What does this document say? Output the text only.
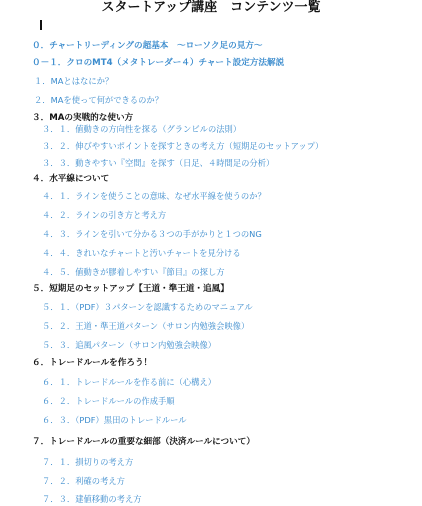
スタートアップ講座　コンテンツ一覧
０．チャートリーディングの超基本　〜ローソク足の見方〜
０－１．クロのMT4（メタトレーダー４）チャート設定方法解説
１．MAとはなにか？
２．MAを使って何ができるのか？
３．MAの実戦的な使い方
３．１．値動きの方向性を探る（グランビルの法則）
３．２．伸びやすいポイントを探すときの考え方（短期足のセットアップ）
３．３．動きやすい『空間』を探す（日足、４時間足の分析）
４．水平線について
４．１．ラインを使うことの意味、なぜ水平線を使うのか？
４．２．ラインの引き方と考え方
４．３．ラインを引いて分かる３つの手がかりと１つのNG
４．４．きれいなチャートと汚いチャートを見分ける
４．５．値動きが膠着しやすい『節目』の探し方
５．短期足のセットアップ【王道・準王道・追風】
５．１．（PDF）３パターンを認識するためのマニュアル
５．２．王道・準王道パターン（サロン内勉強会映像）
５．３．追風パターン（サロン内勉強会映像）
６．トレードルールを作ろう！
６．１．トレードルールを作る前に（心構え）
６．２．トレードルールの作成手順
６．３．（PDF）黒田のトレードルール
７．トレードルールの重要な細部（決済ルールについて）
７．１．損切りの考え方
７．２．利確の考え方
７．３．建値移動の考え方
